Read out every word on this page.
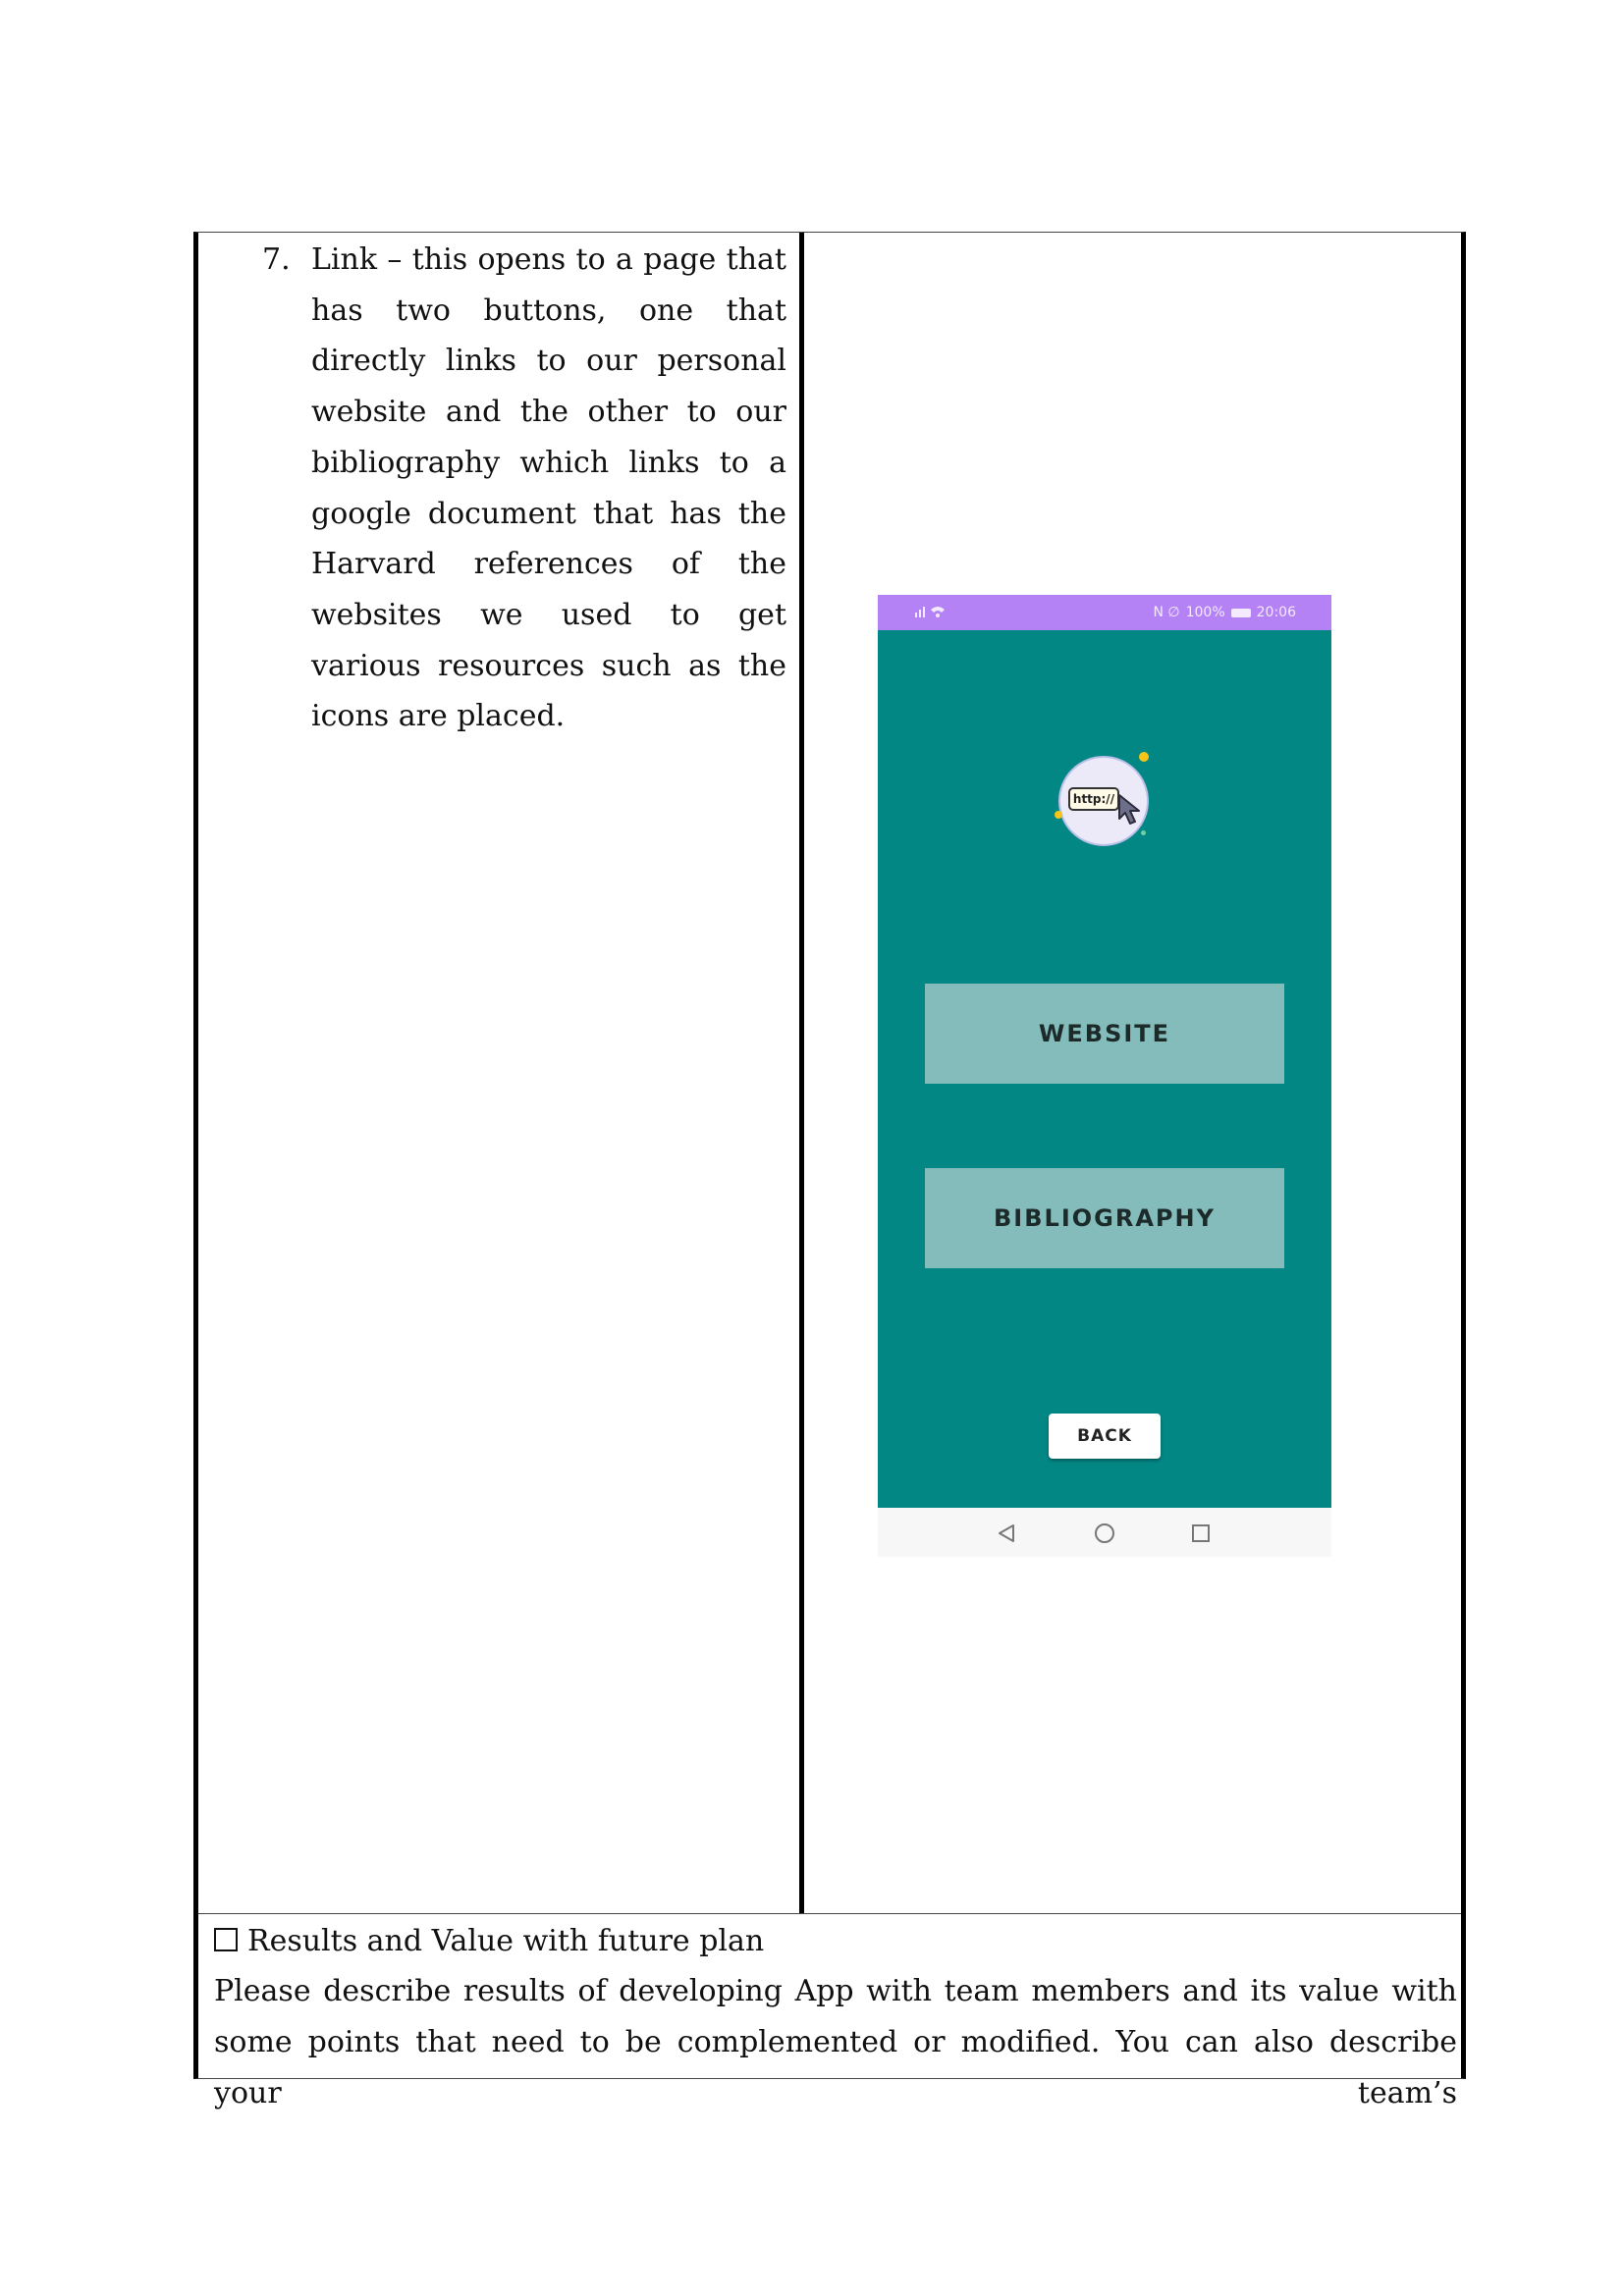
7. Link – this opens to a page that has two buttons, one that directly links to our personal website and the other to our bibliography which links to a google document that has the Harvard references of the websites we used to get various resources such as the icons are placed.
Results and Value with future plan
Please describe results of developing App with team members and its value with some points that need to be complemented or modified. You can also describe your team’s
N ∅ 100% 20:06
http://
WEBSITE
BIBLIOGRAPHY
BACK
